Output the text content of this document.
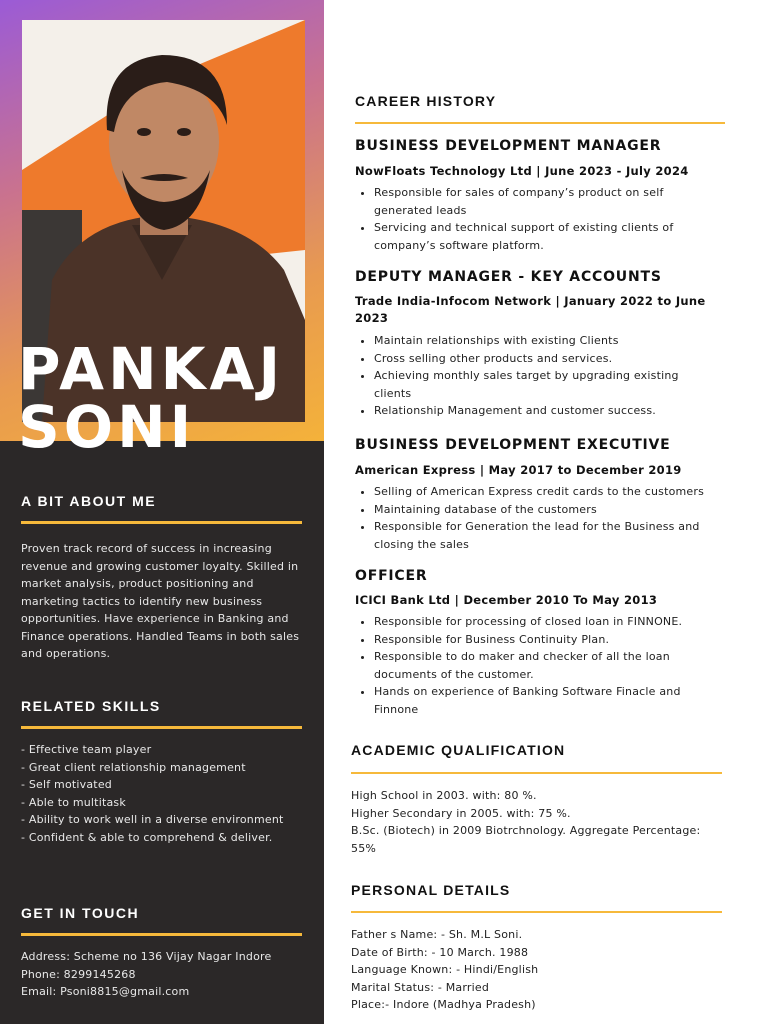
PANKAJ
SONI
A BIT ABOUT ME

Proven track record of success in increasing revenue and growing customer loyalty. Skilled in market analysis, product positioning and marketing tactics to identify new business opportunities. Have experience in Banking and Finance operations. Handled Teams in both sales and operations.

RELATED SKILLS
- Effective team player
- Great client relationship management
- Self motivated
- Able to multitask
- Ability to work well in a diverse environment
- Confident & able to comprehend & deliver.
GET IN TOUCH
Address: Scheme no 136 Vijay Nagar Indore
Phone: 8299145268
Email: Psoni8815@gmail.com
CAREER HISTORY
BUSINESS DEVELOPMENT MANAGER

NowFloats Technology Ltd | June 2023 - July 2024

• Responsible for sales of company’s product on self generated leads
• Servicing and technical support of existing clients of company’s software platform.
DEPUTY MANAGER - KEY ACCOUNTS

Trade India-Infocom Network | January 2022 to June 2023

• Maintain relationships with existing Clients
• Cross selling other products and services.
• Achieving monthly sales target by upgrading existing clients
• Relationship Management and customer success.
BUSINESS DEVELOPMENT EXECUTIVE

American Express | May 2017 to December 2019

• Selling of American Express credit cards to the customers
• Maintaining database of the customers
• Responsible for Generation the lead for the Business and closing the sales
OFFICER

ICICI Bank Ltd | December 2010 To May 2013

• Responsible for processing of closed loan in FINNONE.
• Responsible for Business Continuity Plan.
• Responsible to do maker and checker of all the loan documents of the customer.
• Hands on experience of Banking Software Finacle and Finnone
ACADEMIC QUALIFICATION
High School in 2003. with: 80 %.
Higher Secondary in 2005. with: 75 %.
B.Sc. (Biotech) in 2009 Biotrchnology. Aggregate Percentage: 55%
PERSONAL DETAILS
Father s Name: - Sh. M.L Soni.
Date of Birth: - 10 March. 1988
Language Known: - Hindi/English
Marital Status: - Married
Place:- Indore (Madhya Pradesh)
